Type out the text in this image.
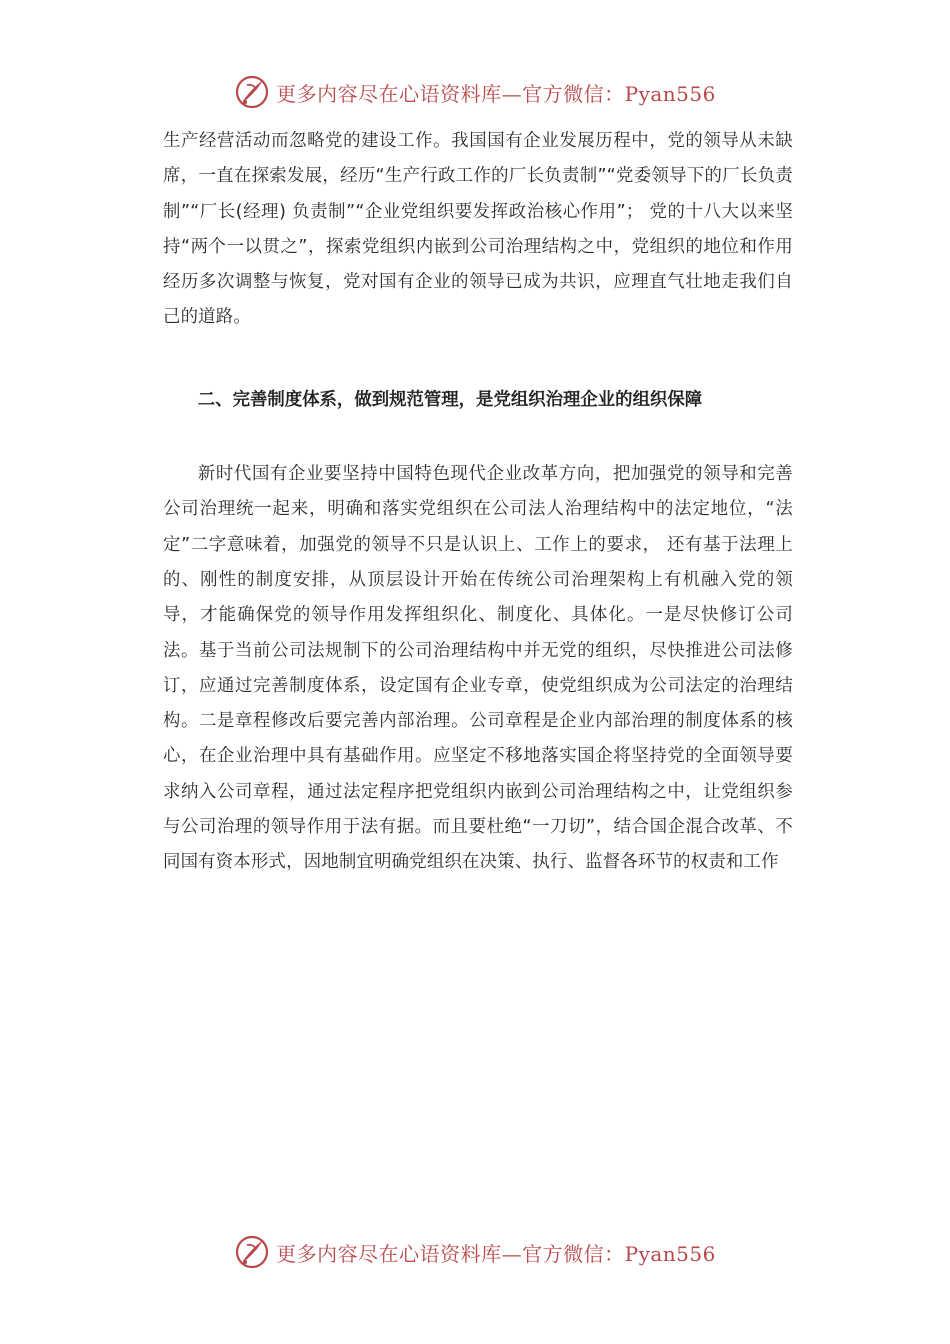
更多内容尽在心语资料库—官方微信：Pyan556

生产经营活动而忽略党的建设工作。我国国有企业发展历程中，党的领导从未缺席，一直在探索发展，经历“生产行政工作的厂长负责制”“党委领导下的厂长负责制”“厂长(经理) 负责制”“企业党组织要发挥政治核心作用”； 党的十八大以来坚持“两个一以贯之”，探索党组织内嵌到公司治理结构之中，党组织的地位和作用经历多次调整与恢复，党对国有企业的领导已成为共识，应理直气壮地走我们自己的道路。

二、完善制度体系，做到规范管理，是党组织治理企业的组织保障

新时代国有企业要坚持中国特色现代企业改革方向，把加强党的领导和完善公司治理统一起来，明确和落实党组织在公司法人治理结构中的法定地位，“法定”二字意味着，加强党的领导不只是认识上、工作上的要求， 还有基于法理上的、刚性的制度安排，从顶层设计开始在传统公司治理架构上有机融入党的领导，才能确保党的领导作用发挥组织化、制度化、具体化。一是尽快修订公司法。基于当前公司法规制下的公司治理结构中并无党的组织，尽快推进公司法修订，应通过完善制度体系，设定国有企业专章，使党组织成为公司法定的治理结构。二是章程修改后要完善内部治理。公司章程是企业内部治理的制度体系的核心，在企业治理中具有基础作用。应坚定不移地落实国企将坚持党的全面领导要求纳入公司章程，通过法定程序把党组织内嵌到公司治理结构之中，让党组织参与公司治理的领导作用于法有据。而且要杜绝“一刀切”，结合国企混合改革、不同国有资本形式，因地制宜明确党组织在决策、执行、监督各环节的权责和工作

更多内容尽在心语资料库—官方微信：Pyan556
